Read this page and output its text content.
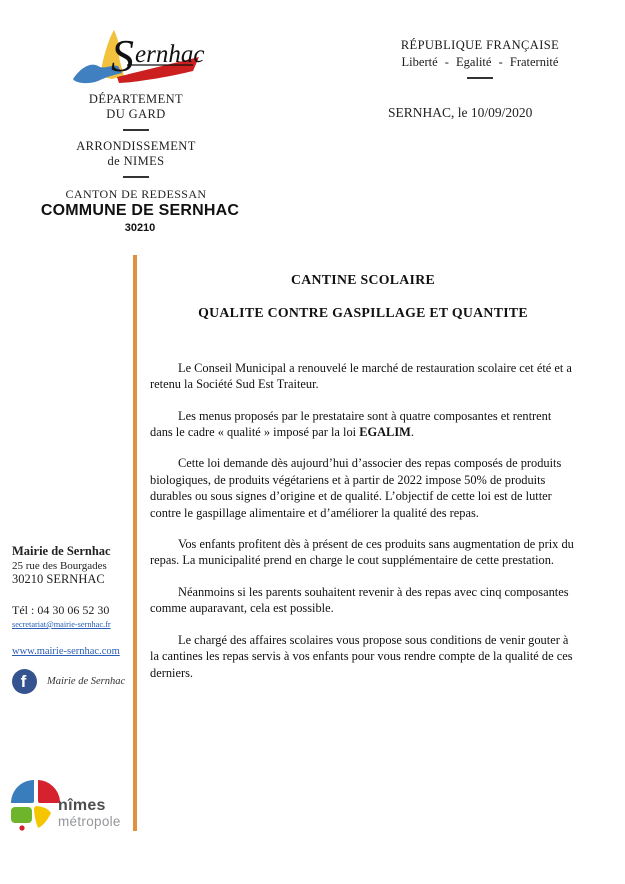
S ernhac
DÉPARTEMENT
DU GARD
ARRONDISSEMENT
de NIMES
CANTON DE REDESSAN
COMMUNE DE SERNHAC
30210
RÉPUBLIQUE FRANÇAISE
Liberté - Egalité - Fraternité
SERNHAC, le 10/09/2020
CANTINE SCOLAIRE
QUALITE CONTRE GASPILLAGE ET QUANTITE

Le Conseil Municipal a renouvelé le marché de restauration scolaire cet été et a retenu la Société Sud Est Traiteur.

Les menus proposés par le prestataire sont à quatre composantes et rentrent dans le cadre « qualité » imposé par la loi EGALIM.

Cette loi demande dès aujourd’hui d’associer des repas composés de produits biologiques, de produits végétariens et à partir de 2022 impose 50% de produits durables ou sous signes d’origine et de qualité. L’objectif de cette loi est de lutter contre le gaspillage alimentaire et d’améliorer la qualité des repas.

Vos enfants profitent dès à présent de ces produits sans augmentation de prix du repas. La municipalité prend en charge le cout supplémentaire de cette prestation.

Néanmoins si les parents souhaitent revenir à des repas avec cinq composantes comme auparavant, cela est possible.

Le chargé des affaires scolaires vous propose sous conditions de venir gouter à la cantines les repas servis à vos enfants pour vous rendre compte de la qualité de ces derniers.

Mairie de Sernhac
25 rue des Bourgades
30210 SERNHAC
Tél : 04 30 06 52 30
secretariat@mairie-sernhac.fr
www.mairie-sernhac.com
f	Mairie de Sernhac
nîmes
métropole
